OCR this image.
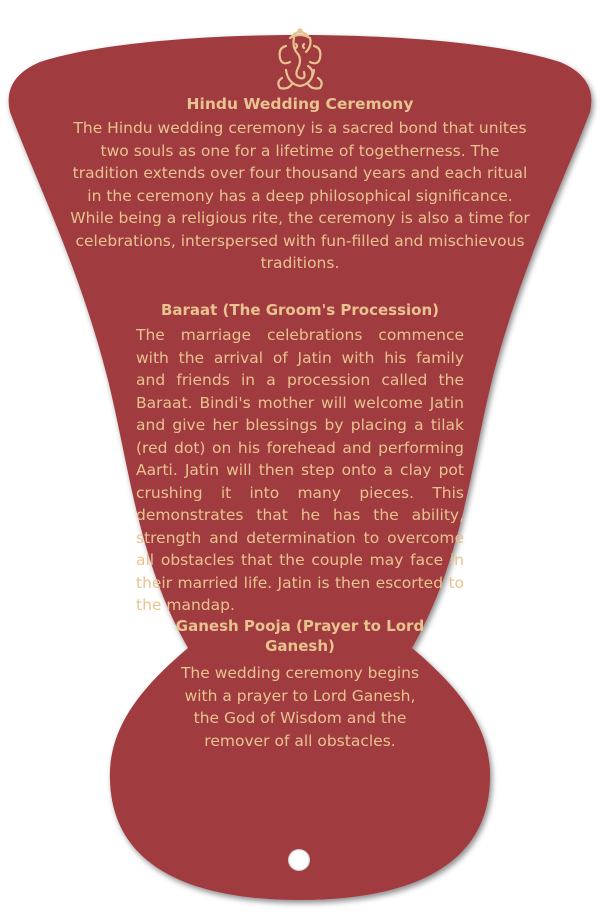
Hindu Wedding Ceremony
The Hindu wedding ceremony is a sacred bond that unites two souls as one for a lifetime of togetherness. The tradition extends over four thousand years and each ritual in the ceremony has a deep philosophical significance. While being a religious rite, the ceremony is also a time for celebrations, interspersed with fun-filled and mischievous traditions.
Baraat (The Groom's Procession)
The marriage celebrations commence with the arrival of Jatin with his family and friends in a procession called the Baraat. Bindi's mother will welcome Jatin and give her blessings by placing a tilak (red dot) on his forehead and performing Aarti. Jatin will then step onto a clay pot crushing it into many pieces. This demonstrates that he has the ability, strength and determination to overcome all obstacles that the couple may face in their married life. Jatin is then escorted to the mandap.
Ganesh Pooja (Prayer to Lord Ganesh)
The wedding ceremony begins with a prayer to Lord Ganesh, the God of Wisdom and the remover of all obstacles.
